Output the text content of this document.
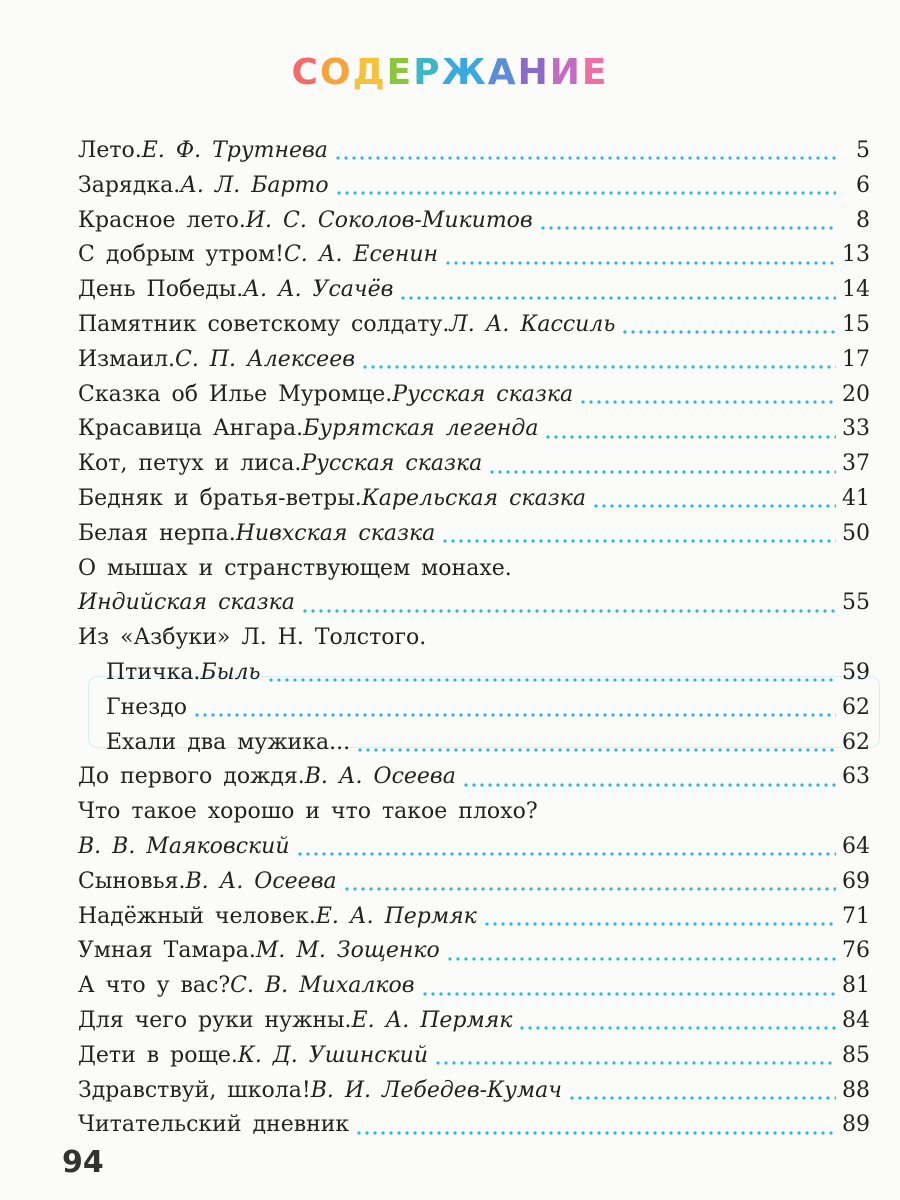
СОДЕРЖАНИЕ
Лето. Е. Ф. Трутнева	5
Зарядка. А. Л. Барто	6
Красное лето. И. С. Соколов-Микитов	8
С добрым утром! С. А. Есенин	13
День Победы. А. А. Усачёв	14
Памятник советскому солдату. Л. А. Кассиль	15
Измаил. С. П. Алексеев	17
Сказка об Илье Муромце. Русская сказка	20
Красавица Ангара. Бурятская легенда	33
Кот, петух и лиса. Русская сказка	37
Бедняк и братья-ветры. Карельская сказка	41
Белая нерпа. Нивхская сказка	50
О мышах и странствующем монахе.
Индийская сказка	55
Из «Азбуки» Л. Н. Толстого.
Птичка. Быль	59
Гнездо	62
Ехали два мужика...	62
До первого дождя. В. А. Осеева	63
Что такое хорошо и что такое плохо?
В. В. Маяковский	64
Сыновья. В. А. Осеева	69
Надёжный человек. Е. А. Пермяк	71
Умная Тамара. М. М. Зощенко	76
А что у вас? С. В. Михалков	81
Для чего руки нужны. Е. А. Пермяк	84
Дети в роще. К. Д. Ушинский	85
Здравствуй, школа! В. И. Лебедев-Кумач	88
Читательский дневник	89
94
